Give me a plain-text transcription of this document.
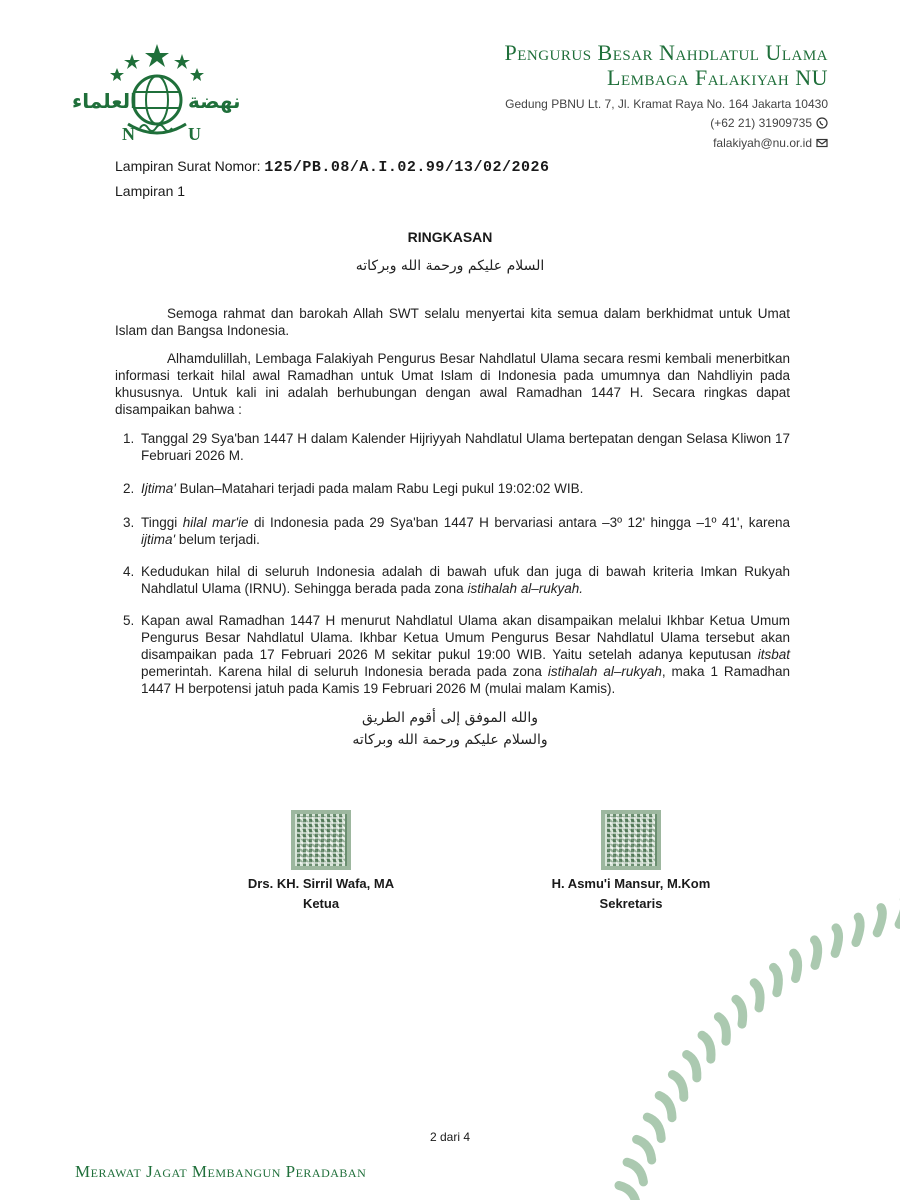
العلماء	نهضة
N	U
Pengurus Besar Nahdlatul Ulama
Lembaga Falakiyah NU
Gedung PBNU Lt. 7, Jl. Kramat Raya No. 164 Jakarta 10430
(+62 21) 31909735
falakiyah@nu.or.id
Lampiran Surat Nomor: 125/PB.08/A.I.02.99/13/02/2026
Lampiran 1
RINGKASAN
السلام عليكم ورحمة الله وبركاته
Semoga rahmat dan barokah Allah SWT selalu menyertai kita semua dalam berkhidmat untuk Umat Islam dan Bangsa Indonesia.
Alhamdulillah, Lembaga Falakiyah Pengurus Besar Nahdlatul Ulama secara resmi kembali menerbitkan informasi terkait hilal awal Ramadhan untuk Umat Islam di Indonesia pada umumnya dan Nahdliyin pada khususnya. Untuk kali ini adalah berhubungan dengan awal Ramadhan 1447 H. Secara ringkas dapat disampaikan bahwa :
1. Tanggal 29 Sya'ban 1447 H dalam Kalender Hijriyyah Nahdlatul Ulama bertepatan dengan Selasa Kliwon 17 Februari 2026 M.
2. Ijtima' Bulan–Matahari terjadi pada malam Rabu Legi pukul 19:02:02 WIB.
3. Tinggi hilal mar'ie di Indonesia pada 29 Sya'ban 1447 H bervariasi antara –3º 12' hingga –1º 41', karena ijtima' belum terjadi.
4. Kedudukan hilal di seluruh Indonesia adalah di bawah ufuk dan juga di bawah kriteria Imkan Rukyah Nahdlatul Ulama (IRNU). Sehingga berada pada zona istihalah al–rukyah.
5. Kapan awal Ramadhan 1447 H menurut Nahdlatul Ulama akan disampaikan melalui Ikhbar Ketua Umum Pengurus Besar Nahdlatul Ulama. Ikhbar Ketua Umum Pengurus Besar Nahdlatul Ulama tersebut akan disampaikan pada 17 Februari 2026 M sekitar pukul 19:00 WIB. Yaitu setelah adanya keputusan itsbat pemerintah. Karena hilal di seluruh Indonesia berada pada zona istihalah al–rukyah, maka 1 Ramadhan 1447 H berpotensi jatuh pada Kamis 19 Februari 2026 M (mulai malam Kamis).
والله الموفق إلى أقوم الطريق
والسلام عليكم ورحمة الله وبركاته
Drs. KH. Sirril Wafa, MA
Ketua
H. Asmu'i Mansur, M.Kom
Sekretaris
2 dari 4
Merawat Jagat Membangun Peradaban
